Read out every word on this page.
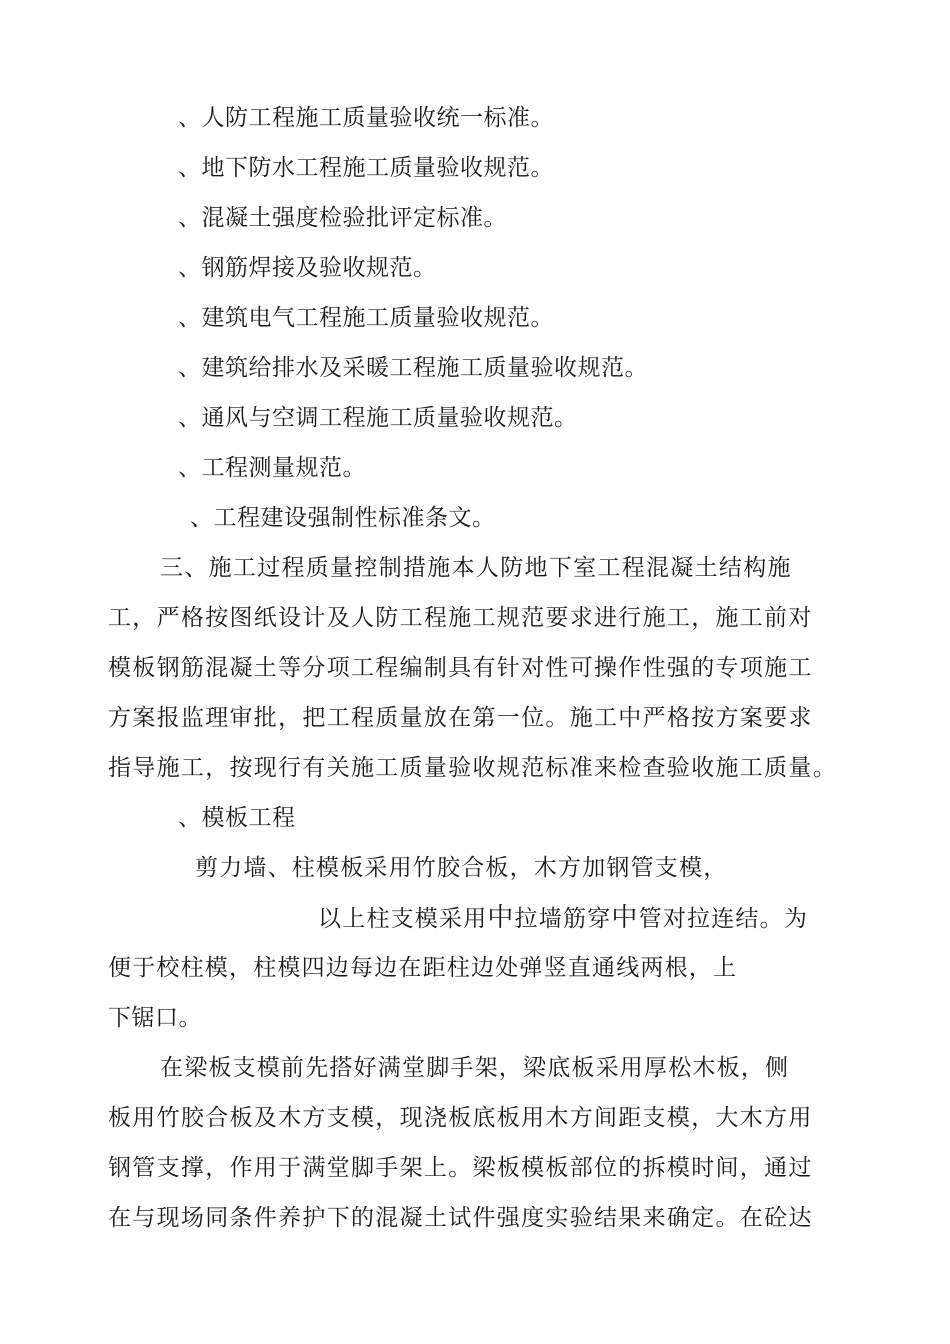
、人防工程施工质量验收统一标准。
、地下防水工程施工质量验收规范。
、混凝土强度检验批评定标准。
、钢筋焊接及验收规范。
、建筑电气工程施工质量验收规范。
、建筑给排水及采暖工程施工质量验收规范。
、通风与空调工程施工质量验收规范。
、工程测量规范。
、工程建设强制性标准条文。
三、施工过程质量控制措施本人防地下室工程混凝土结构施
工，严格按图纸设计及人防工程施工规范要求进行施工，施工前对
模板钢筋混凝土等分项工程编制具有针对性可操作性强的专项施工
方案报监理审批，把工程质量放在第一位。施工中严格按方案要求
指导施工，按现行有关施工质量验收规范标准来检查验收施工质量。
、模板工程
剪力墙、柱模板采用竹胶合板，木方加钢管支模，
以上柱支模采用中拉墙筋穿中管对拉连结。为
便于校柱模，柱模四边每边在距柱边处弹竖直通线两根，上
下锯口。
在梁板支模前先搭好满堂脚手架，梁底板采用厚松木板，侧
板用竹胶合板及木方支模，现浇板底板用木方间距支模，大木方用
钢管支撑，作用于满堂脚手架上。梁板模板部位的拆模时间，通过
在与现场同条件养护下的混凝土试件强度实验结果来确定。在砼达
